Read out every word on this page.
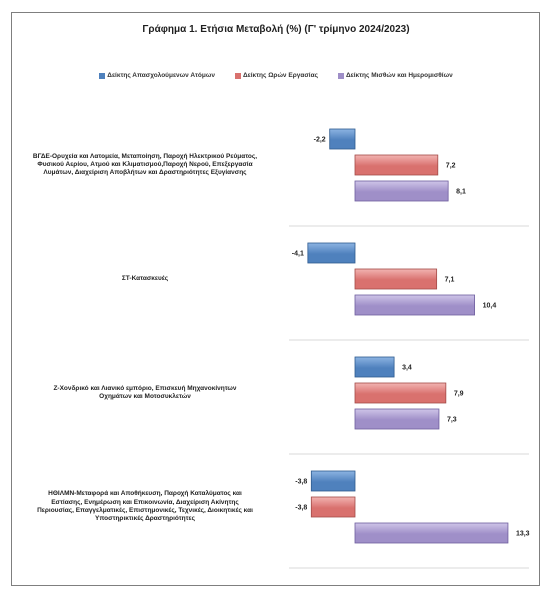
Γράφημα 1. Ετήσια Μεταβολή (%) (Γ' τρίμηνο 2024/2023)
Δείκτης Απασχολούμενων Ατόμων	Δείκτης Ωρών Εργασίας	Δείκτης Μισθών και Ημερομισθίων
ΒΓΔΕ-Ορυχεία και Λατομεία, Μεταποίηση, Παροχή Ηλεκτρικού Ρεύματος,
Φυσικού Αερίου, Ατμού και Κλιματισμού,Παροχή Νερού, Επεξεργασία
Λυμάτων, Διαχείριση Αποβλήτων και Δραστηριότητες Εξυγίανσης
ΣΤ-Κατασκευές
Ζ-Χονδρικό και Λιανικό εμπόριο, Επισκευή Μηχανοκίνητων
Οχημάτων και Μοτοσυκλετών
ΗΘΙΛΜΝ-Μεταφορά και Αποθήκευση, Παροχή Καταλύματος και
Εστίασης, Ενημέρωση και Επικοινωνία, Διαχείριση Ακίνητης
Περιουσίας, Επαγγελματικές, Επιστημονικές, Τεχνικές, Διοικητικές και
Υποστηρικτικές Δραστηριότητες
-2,2
7,2
8,1
-4,1
7,1
10,4
3,4
7,9
7,3
-3,8
-3,8
13,3
